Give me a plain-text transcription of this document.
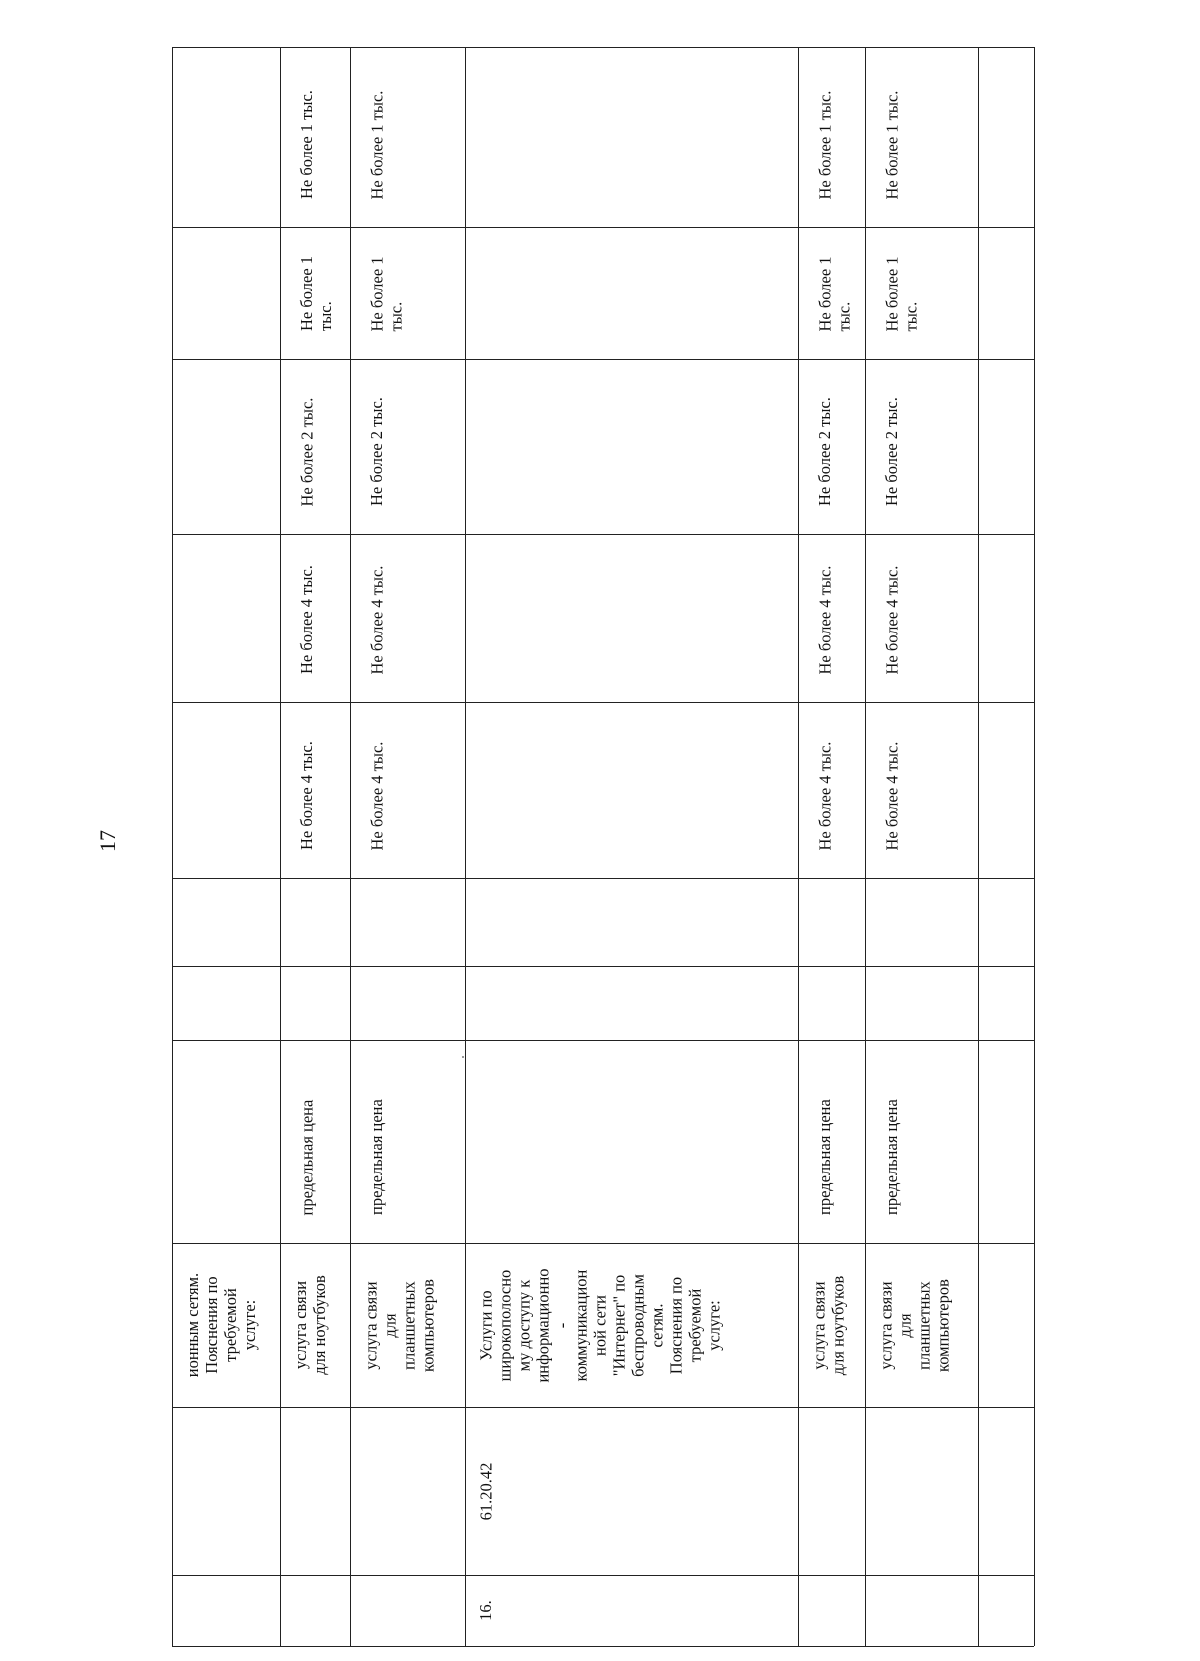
17
ионным сетям.
Пояснения по
требуемой
услуге:	услуга связи
для ноутбуков
предельная цена
Не более 4 тыс.
Не более 4 тыс.
Не более 2 тыс.
Не более 1
тыс.
Не более 1 тыс.
услуга связи
для
планшетных
компьютеров
предельная цена
Не более 4 тыс.
Не более 4 тыс.
Не более 2 тыс.
Не более 1
тыс.
Не более 1 тыс.
16.
61.20.42
Услуги по
широкополосно
му доступу к
информационно
-
коммуникацион
ной сети
"Интернет" по
беспроводным
сетям.
Пояснения по
требуемой
услуге:	услуга связи
для ноутбуков
предельная цена
Не более 4 тыс.
Не более 4 тыс.
Не более 2 тыс.
Не более 1
тыс.
Не более 1 тыс.
услуга связи
для
планшетных
компьютеров
предельная цена
Не более 4 тыс.
Не более 4 тыс.
Не более 2 тыс.
Не более 1
тыс.
Не более 1 тыс.
